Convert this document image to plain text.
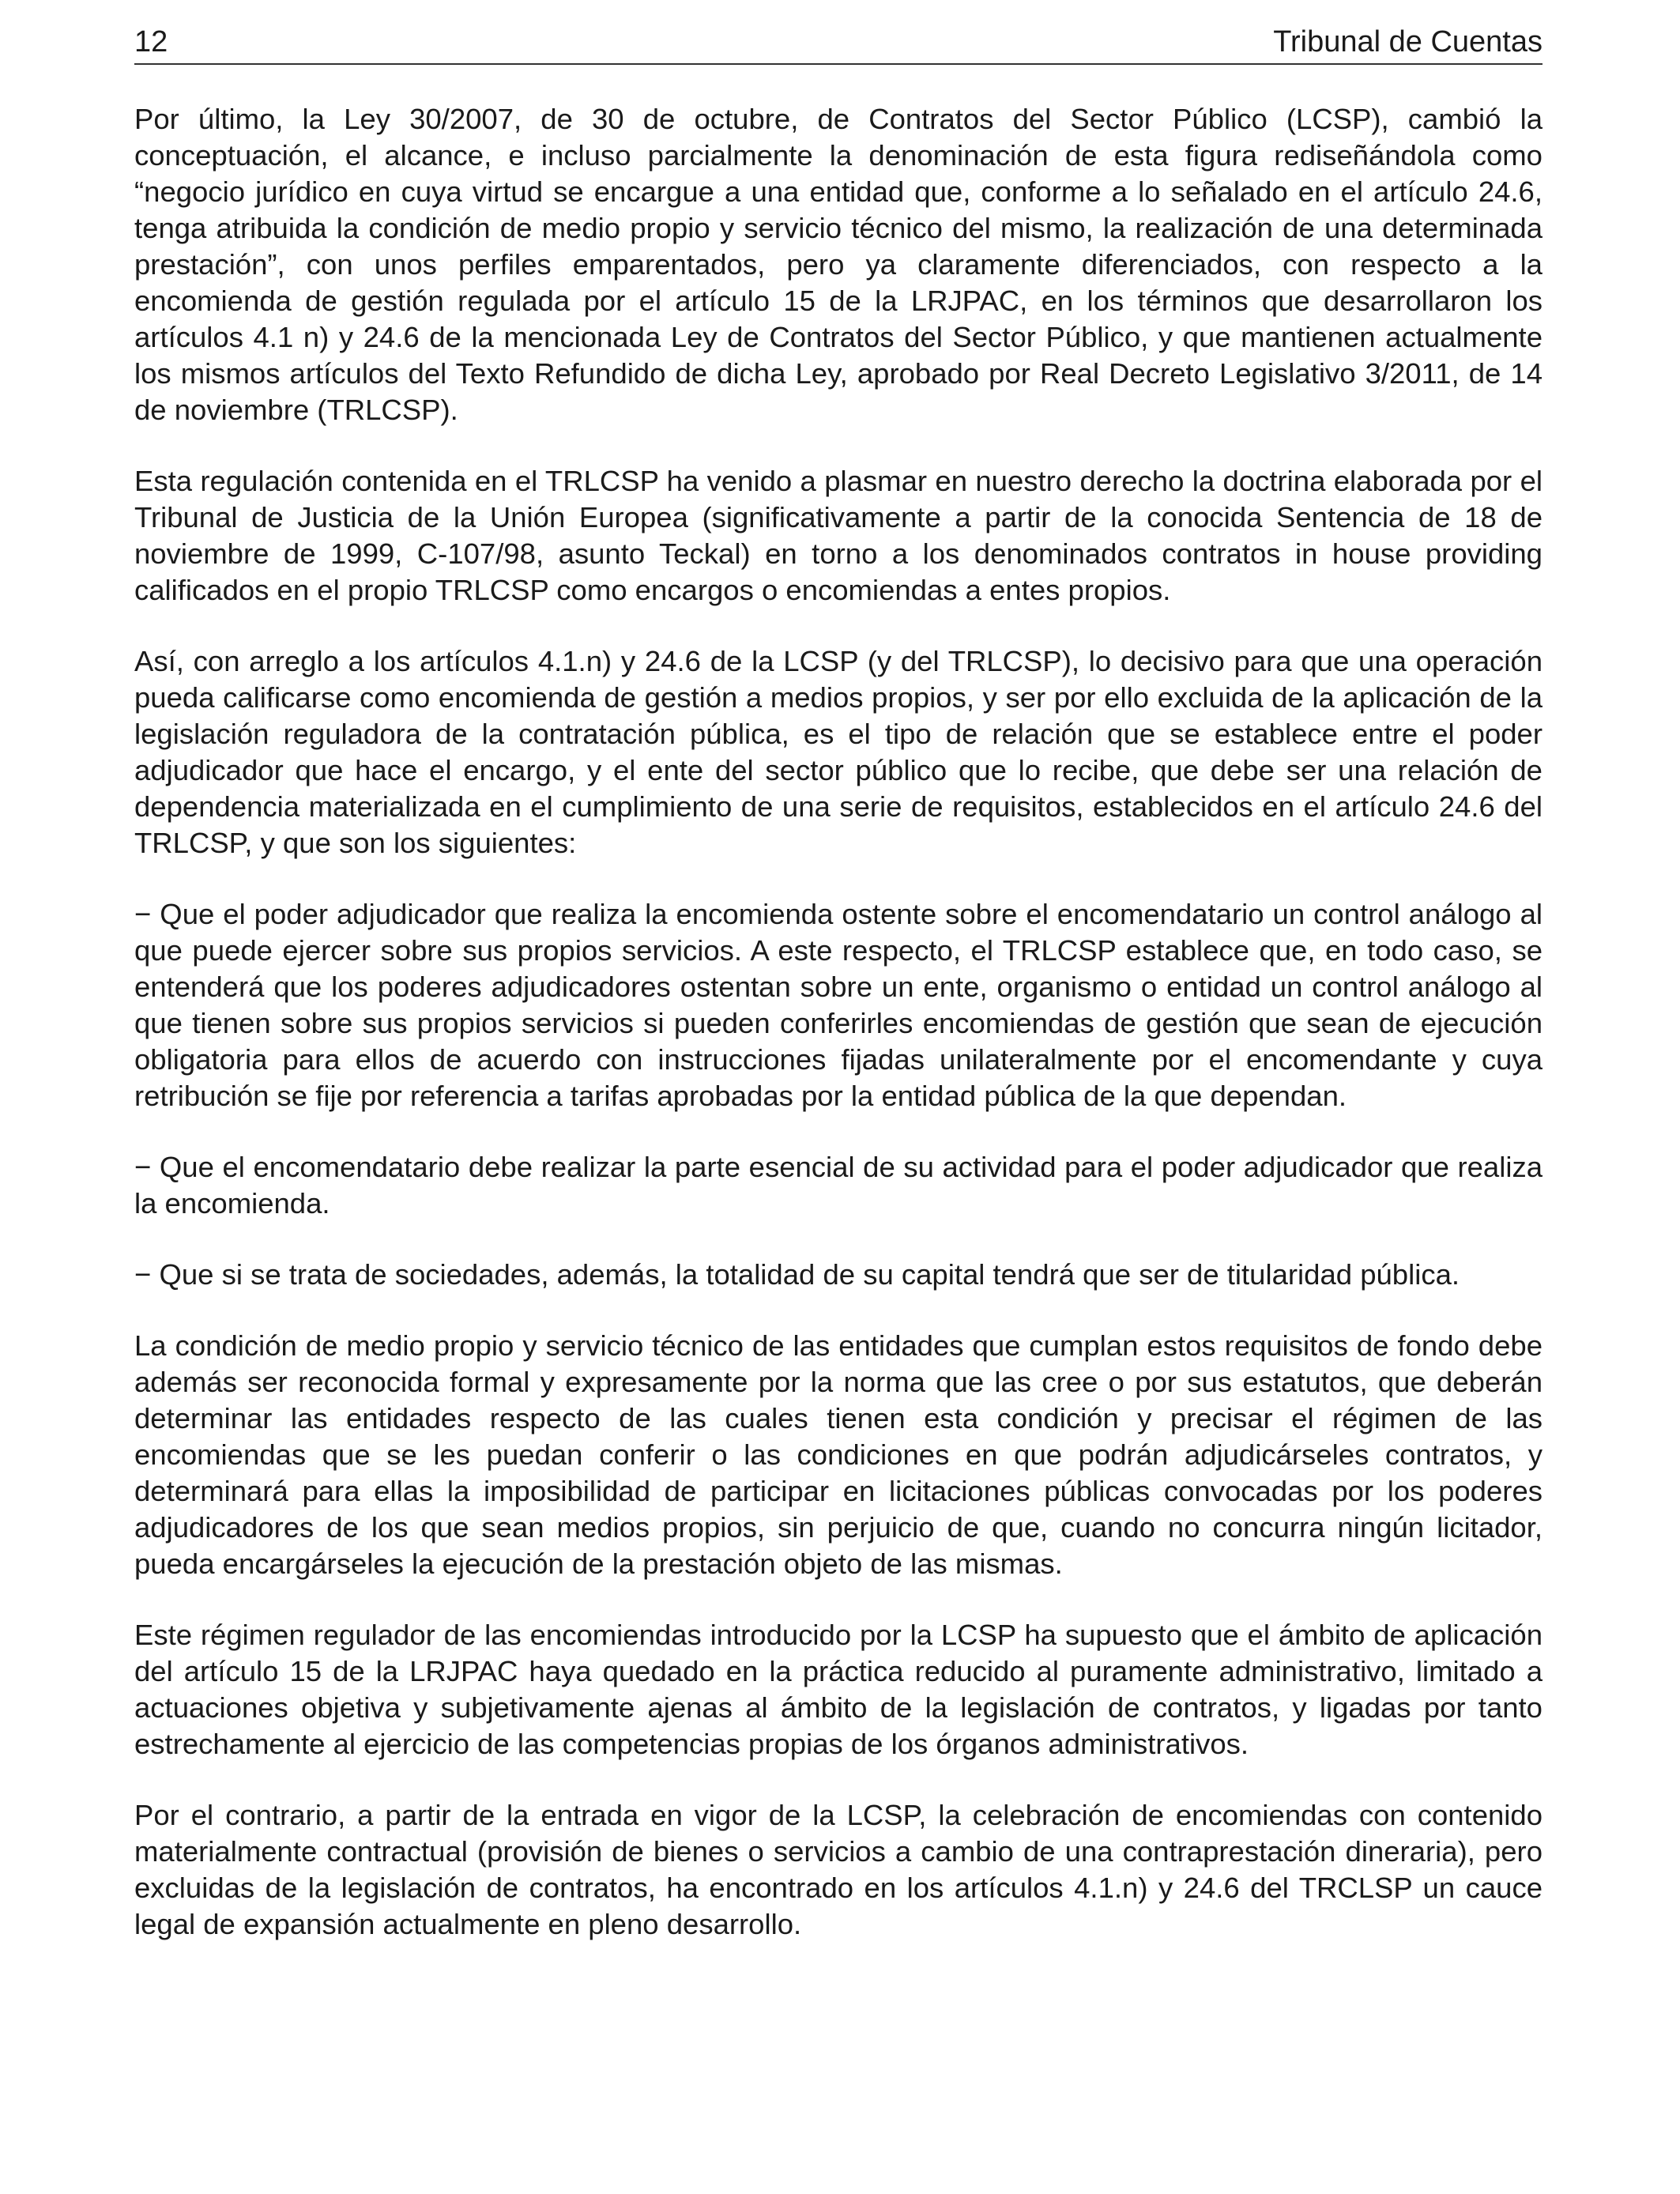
12	Tribunal de Cuentas

Por último, la Ley 30/2007, de 30 de octubre, de Contratos del Sector Público (LCSP), cambió la conceptuación, el alcance, e incluso parcialmente la denominación de esta figura rediseñándola como “negocio jurídico en cuya virtud se encargue a una entidad que, conforme a lo señalado en el artículo 24.6, tenga atribuida la condición de medio propio y servicio técnico del mismo, la realización de una determinada prestación”, con unos perfiles emparentados, pero ya claramente diferenciados, con respecto a la encomienda de gestión regulada por el artículo 15 de la LRJPAC, en los términos que desarrollaron los artículos 4.1 n) y 24.6 de la mencionada Ley de Contratos del Sector Público, y que mantienen actualmente los mismos artículos del Texto Refundido de dicha Ley, aprobado por Real Decreto Legislativo 3/2011, de 14 de noviembre (TRLCSP).

Esta regulación contenida en el TRLCSP ha venido a plasmar en nuestro derecho la doctrina elaborada por el Tribunal de Justicia de la Unión Europea (significativamente a partir de la conocida Sentencia de 18 de noviembre de 1999, C-107/98, asunto Teckal) en torno a los denominados contratos in house providing calificados en el propio TRLCSP como encargos o encomiendas a entes propios.

Así, con arreglo a los artículos 4.1.n) y 24.6 de la LCSP (y del TRLCSP), lo decisivo para que una operación pueda calificarse como encomienda de gestión a medios propios, y ser por ello excluida de la aplicación de la legislación reguladora de la contratación pública, es el tipo de relación que se establece entre el poder adjudicador que hace el encargo, y el ente del sector público que lo recibe, que debe ser una relación de dependencia materializada en el cumplimiento de una serie de requisitos, establecidos en el artículo 24.6 del TRLCSP, y que son los siguientes:

− Que el poder adjudicador que realiza la encomienda ostente sobre el encomendatario un control análogo al que puede ejercer sobre sus propios servicios. A este respecto, el TRLCSP establece que, en todo caso, se entenderá que los poderes adjudicadores ostentan sobre un ente, organismo o entidad un control análogo al que tienen sobre sus propios servicios si pueden conferirles encomiendas de gestión que sean de ejecución obligatoria para ellos de acuerdo con instrucciones fijadas unilateralmente por el encomendante y cuya retribución se fije por referencia a tarifas aprobadas por la entidad pública de la que dependan.

− Que el encomendatario debe realizar la parte esencial de su actividad para el poder adjudicador que realiza la encomienda.

− Que si se trata de sociedades, además, la totalidad de su capital tendrá que ser de titularidad pública.

La condición de medio propio y servicio técnico de las entidades que cumplan estos requisitos de fondo debe además ser reconocida formal y expresamente por la norma que las cree o por sus estatutos, que deberán determinar las entidades respecto de las cuales tienen esta condición y precisar el régimen de las encomiendas que se les puedan conferir o las condiciones en que podrán adjudicárseles contratos, y determinará para ellas la imposibilidad de participar en licitaciones públicas convocadas por los poderes adjudicadores de los que sean medios propios, sin perjuicio de que, cuando no concurra ningún licitador, pueda encargárseles la ejecución de la prestación objeto de las mismas.

Este régimen regulador de las encomiendas introducido por la LCSP ha supuesto que el ámbito de aplicación del artículo 15 de la LRJPAC haya quedado en la práctica reducido al puramente administrativo, limitado a actuaciones objetiva y subjetivamente ajenas al ámbito de la legislación de contratos, y ligadas por tanto estrechamente al ejercicio de las competencias propias de los órganos administrativos.

Por el contrario, a partir de la entrada en vigor de la LCSP, la celebración de encomiendas con contenido materialmente contractual (provisión de bienes o servicios a cambio de una contraprestación dineraria), pero excluidas de la legislación de contratos, ha encontrado en los artículos 4.1.n) y 24.6 del TRCLSP un cauce legal de expansión actualmente en pleno desarrollo.
